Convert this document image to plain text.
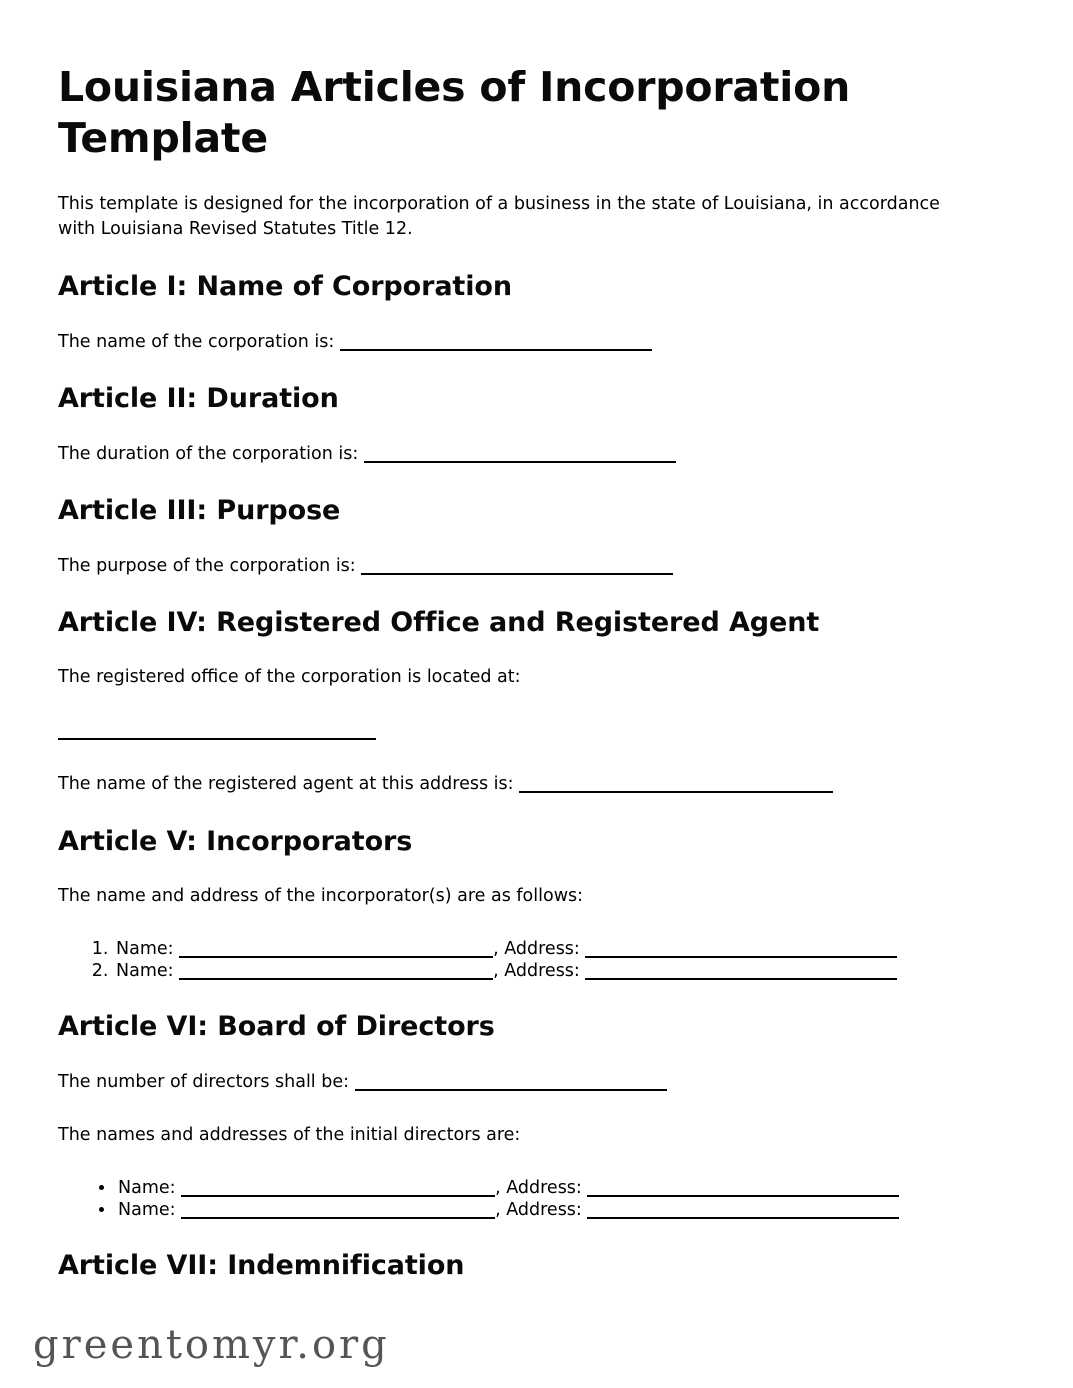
Louisiana Articles of Incorporation Template

This template is designed for the incorporation of a business in the state of Louisiana, in accordance with Louisiana Revised Statutes Title 12.

Article I: Name of Corporation

The name of the corporation is:

Article II: Duration

The duration of the corporation is:

Article III: Purpose

The purpose of the corporation is:

Article IV: Registered Office and Registered Agent

The registered office of the corporation is located at:

The name of the registered agent at this address is:

Article V: Incorporators

The name and address of the incorporator(s) are as follows:

1. Name:	, Address:
2. Name:	, Address:
Article VI: Board of Directors

The number of directors shall be:

The names and addresses of the initial directors are:

• Name:	, Address:
• Name:	, Address:
Article VII: Indemnification
greentomyr.org
